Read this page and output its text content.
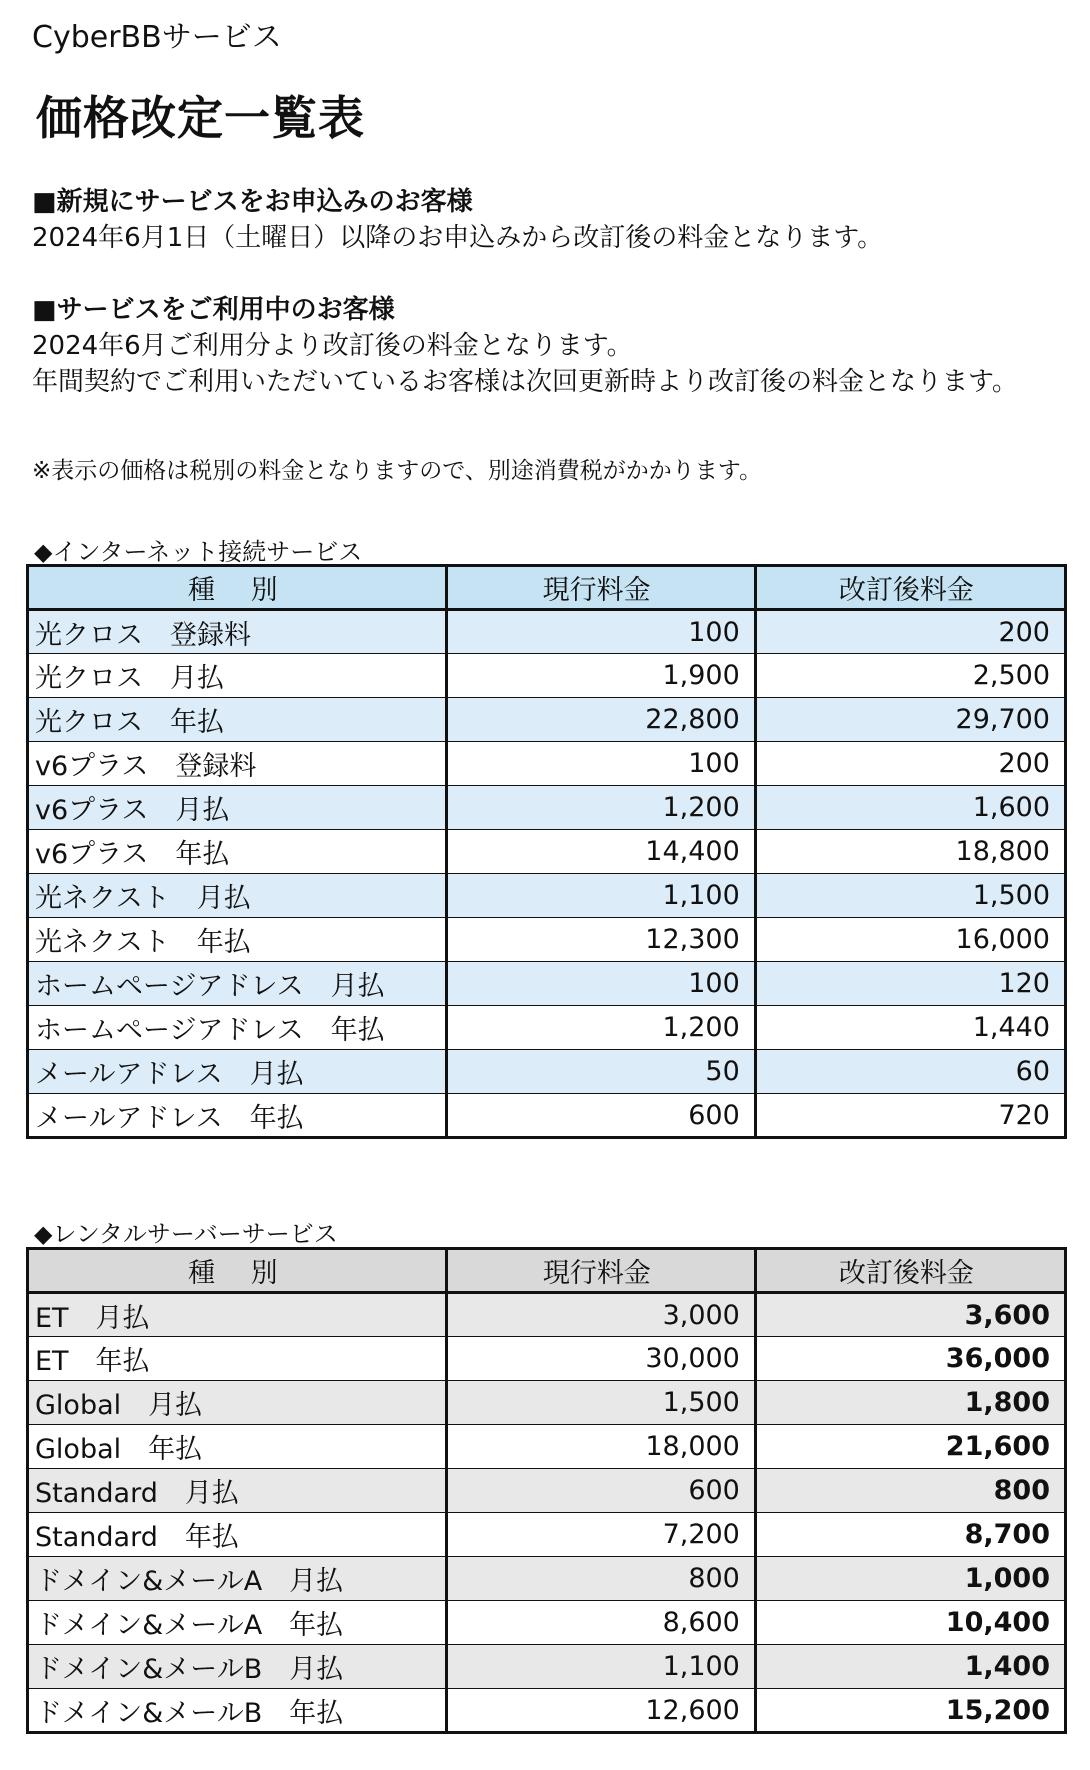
CyberBBサービス
価格改定一覧表
■新規にサービスをお申込みのお客様
2024年6月1日（土曜日）以降のお申込みから改訂後の料金となります。
■サービスをご利用中のお客様
2024年6月ご利用分より改訂後の料金となります。
年間契約でご利用いただいているお客様は次回更新時より改訂後の料金となります。
※表示の価格は税別の料金となりますので、別途消費税がかかります。
◆インターネット接続サービス
種　 別	現行料金	改訂後料金
光クロス　登録料	100	200
光クロス　月払	1,900	2,500
光クロス　年払	22,800	29,700
v6プラス　登録料	100	200
v6プラス　月払	1,200	1,600
v6プラス　年払	14,400	18,800
光ネクスト　月払	1,100	1,500
光ネクスト　年払	12,300	16,000
ホームページアドレス　月払	100	120
ホームページアドレス　年払	1,200	1,440
メールアドレス　月払	50	60
メールアドレス　年払	600	720
◆レンタルサーバーサービス
種　 別	現行料金	改訂後料金
ET　月払	3,000	3,600
ET　年払	30,000	36,000
Global　月払	1,500	1,800
Global　年払	18,000	21,600
Standard　月払	600	800
Standard　年払	7,200	8,700
ドメイン&メールA　月払	800	1,000
ドメイン&メールA　年払	8,600	10,400
ドメイン&メールB　月払	1,100	1,400
ドメイン&メールB　年払	12,600	15,200
